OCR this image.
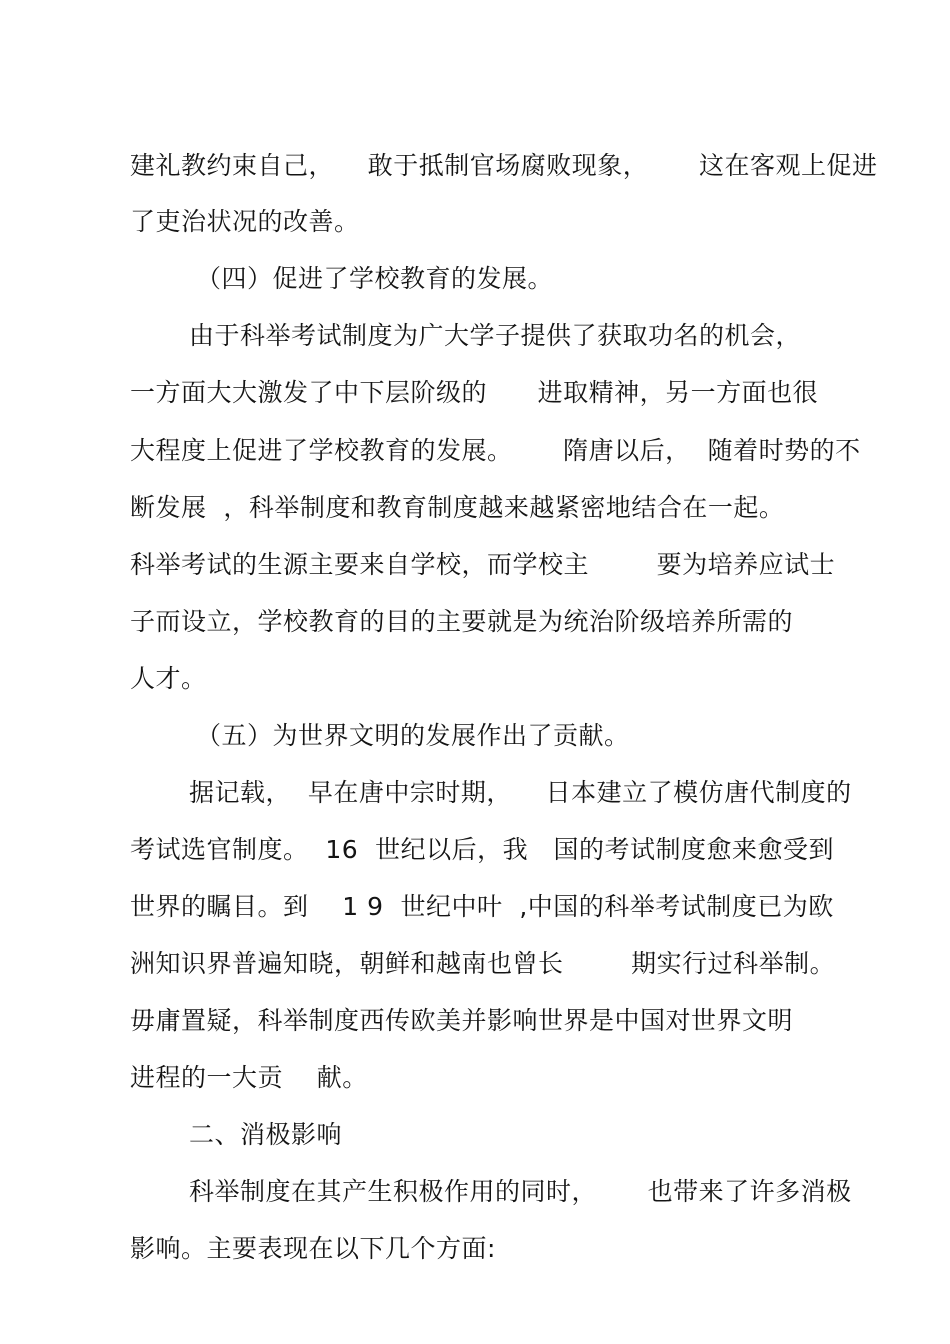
建礼教约束自己，    敢于抵制官场腐败现象，      这在客观上促进
了吏治状况的改善。
（四）促进了学校教育的发展。
由于科举考试制度为广大学子提供了获取功名的机会，
一方面大大激发了中下层阶级的      进取精神，另一方面也很
大程度上促进了学校教育的发展。      隋唐以后，  随着时势的不
断发展  ，科举制度和教育制度越来越紧密地结合在一起。
科举考试的生源主要来自学校，而学校主        要为培养应试士
子而设立，学校教育的目的主要就是为统治阶级培养所需的
人才。
（五）为世界文明的发展作出了贡献。
据记载，  早在唐中宗时期，    日本建立了模仿唐代制度的
考试选官制度。  16  世纪以后，我   国的考试制度愈来愈受到
世界的瞩目。到    1 9  世纪中叶  ,中国的科举考试制度已为欧
洲知识界普遍知晓，朝鲜和越南也曾长        期实行过科举制。
毋庸置疑，科举制度西传欧美并影响世界是中国对世界文明
进程的一大贡    献。
二、消极影响
科举制度在其产生积极作用的同时，      也带来了许多消极
影响。主要表现在以下几个方面:
